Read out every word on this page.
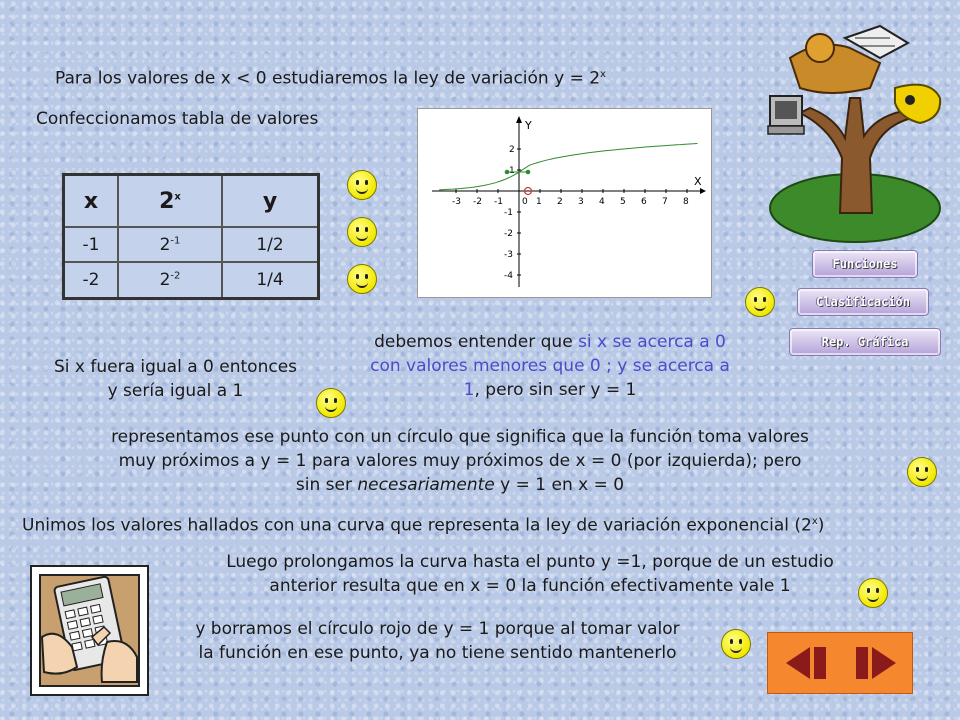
Para los valores de x < 0 estudiaremos la ley de variación $y = 2^x$
Confeccionamos tabla de valores
x	2$^x$	y
-1	$2^{-1}$	1/2
-2	$2^{-2}$	1/4
Y
X
-3 -2 -1 0 1 2 3 4 5 6 7 8
2
1
-1
-2
-3
-4
Funciones
Clasificación
Rep. Gráfica
Si x fuera igual a 0 entonces
y sería igual a 1
debemos entender que si x se acerca a 0
con valores menores que 0 ; y se acerca a
1, pero sin ser y = 1
representamos ese punto con un círculo que significa que la función toma valores
muy próximos a y = 1 para valores muy próximos de x = 0 (por izquierda); pero
sin ser necesariamente y = 1 en x = 0
Unimos los valores hallados con una curva que representa la ley de variación exponencial (2$^x$)
Luego prolongamos la curva hasta el punto y =1, porque de un estudio
anterior resulta que en x = 0 la función efectivamente vale 1
y borramos el círculo rojo de y = 1 porque al tomar valor
la función en ese punto, ya no tiene sentido mantenerlo
